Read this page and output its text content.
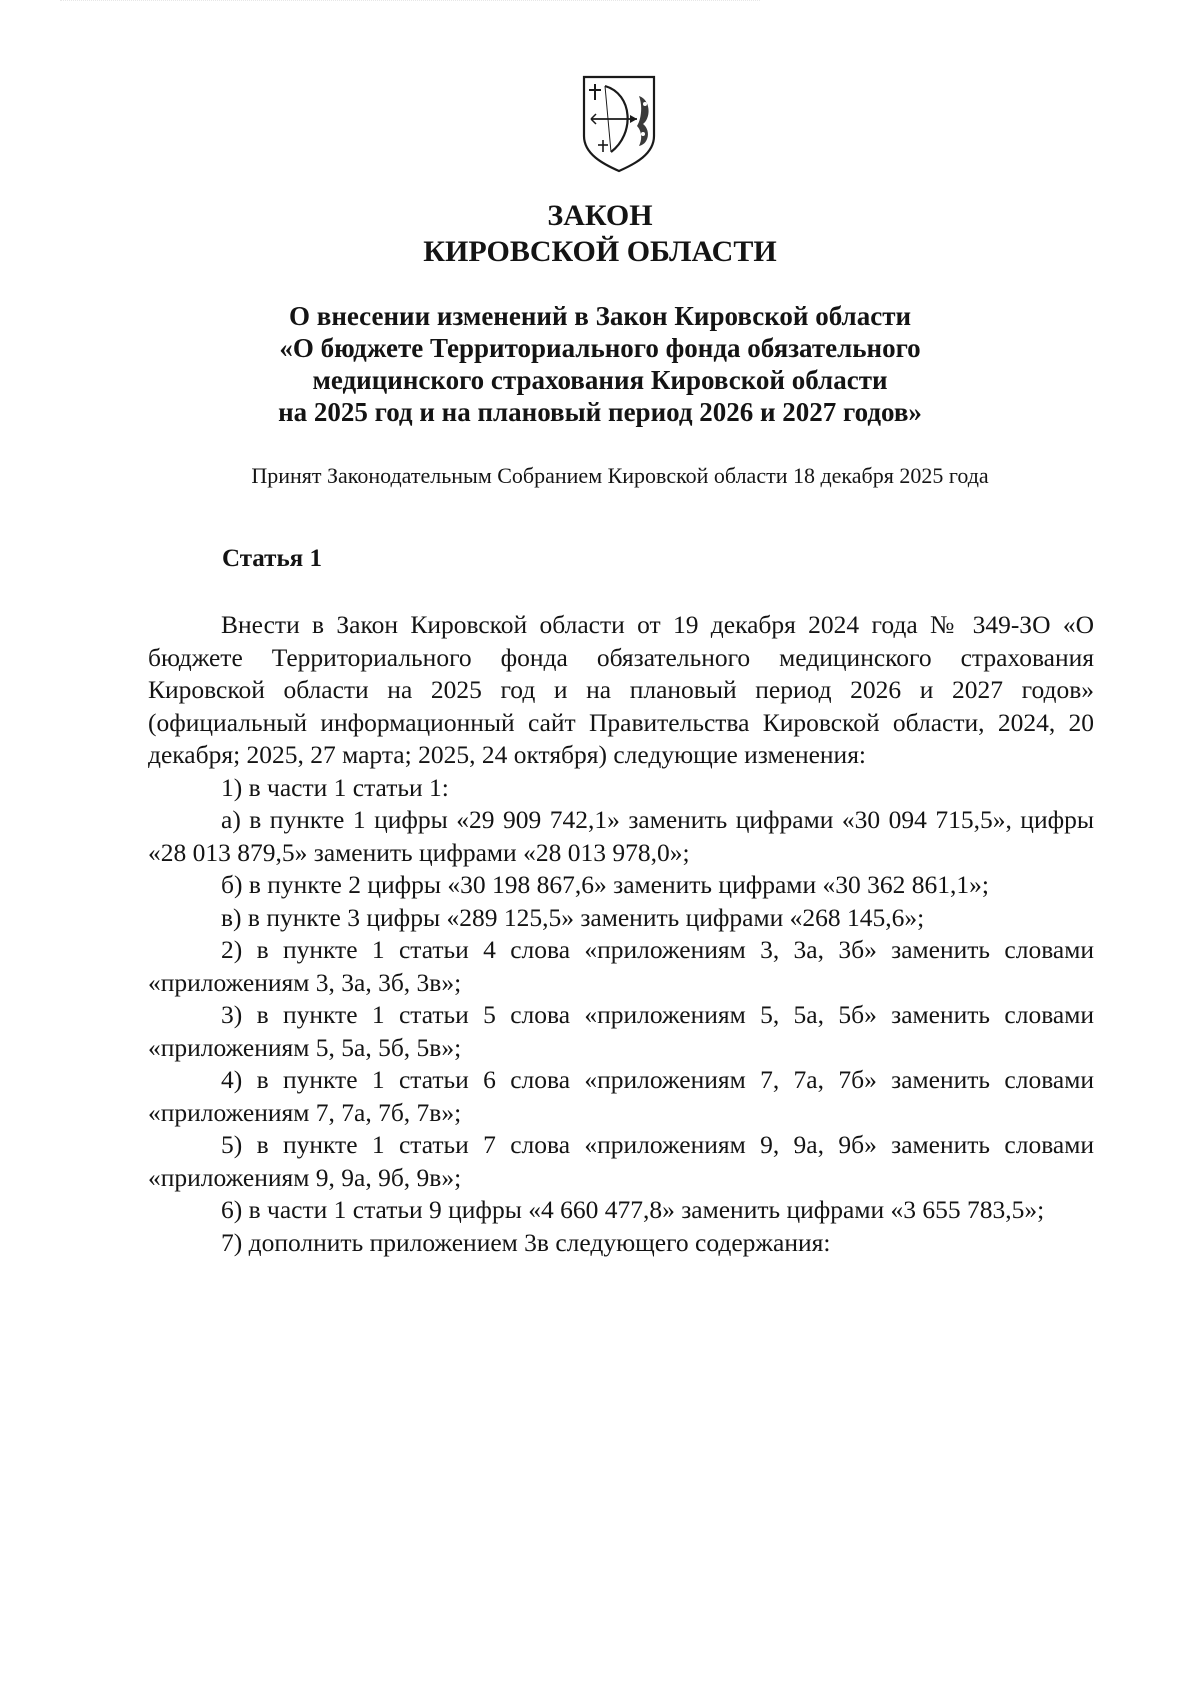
ЗАКОН
КИРОВСКОЙ ОБЛАСТИ
О внесении изменений в Закон Кировской области
«О бюджете Территориального фонда обязательного
медицинского страхования Кировской области
на 2025 год и на плановый период 2026 и 2027 годов»
Принят Законодательным Собранием Кировской области 18 декабря 2025 года
Статья 1

Внести в Закон Кировской области от 19 декабря 2024 года № 349-ЗО «О бюджете Территориального фонда обязательного медицинского страхования Кировской области на 2025 год и на плановый период 2026 и 2027 годов» (официальный информационный сайт Правительства Кировской области, 2024, 20 декабря; 2025, 27 марта; 2025, 24 октября) следующие изменения:

1) в части 1 статьи 1:

а) в пункте 1 цифры «29 909 742,1» заменить цифрами «30 094 715,5», цифры «28 013 879,5» заменить цифрами «28 013 978,0»;

б) в пункте 2 цифры «30 198 867,6» заменить цифрами «30 362 861,1»;

в) в пункте 3 цифры «289 125,5» заменить цифрами «268 145,6»;

2) в пункте 1 статьи 4 слова «приложениям 3, 3а, 3б» заменить словами «приложениям 3, 3а, 3б, 3в»;

3) в пункте 1 статьи 5 слова «приложениям 5, 5а, 5б» заменить словами «приложениям 5, 5а, 5б, 5в»;

4) в пункте 1 статьи 6 слова «приложениям 7, 7а, 7б» заменить словами «приложениям 7, 7а, 7б, 7в»;

5) в пункте 1 статьи 7 слова «приложениям 9, 9а, 9б» заменить словами «приложениям 9, 9а, 9б, 9в»;

6) в части 1 статьи 9 цифры «4 660 477,8» заменить цифрами «3 655 783,5»;

7) дополнить приложением 3в следующего содержания:
